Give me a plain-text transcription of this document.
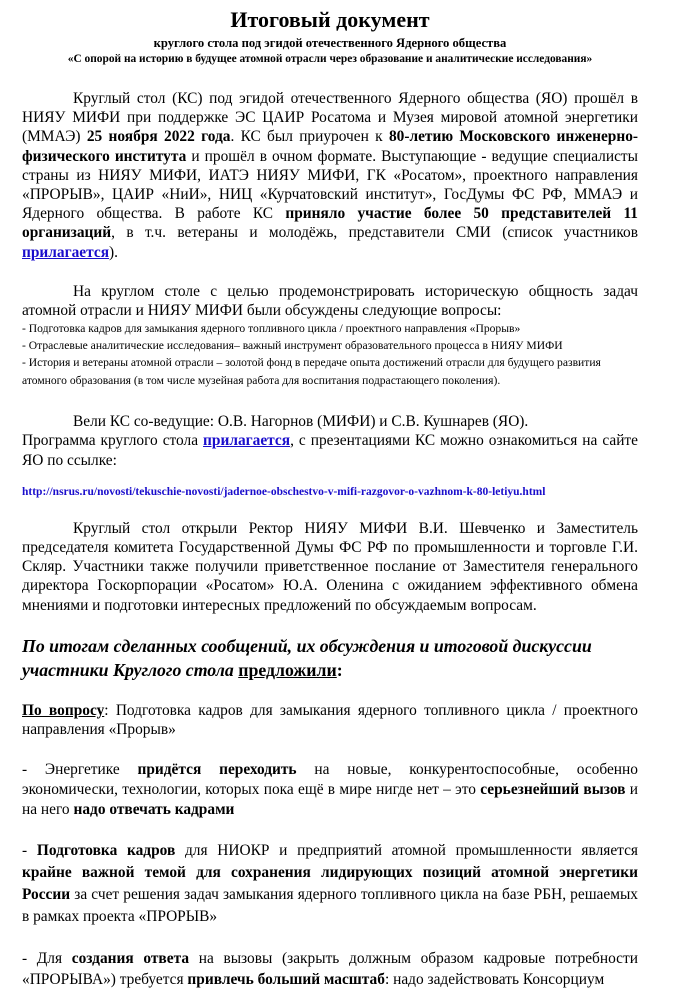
Итоговый документ

круглого стола под эгидой отечественного Ядерного общества

«С опорой на историю в будущее атомной отрасли через образование и аналитические исследования»

Круглый стол (КС) под эгидой отечественного Ядерного общества (ЯО) прошёл в НИЯУ МИФИ при поддержке ЭС ЦАИР Росатома и Музея мировой атомной энергетики (ММАЭ) 25 ноября 2022 года. КС был приурочен к 80-летию Московского инженерно-физического института и прошёл в очном формате. Выступающие - ведущие специалисты страны из НИЯУ МИФИ, ИАТЭ НИЯУ МИФИ, ГК «Росатом», проектного направления «ПРОРЫВ», ЦАИР «НиИ», НИЦ «Курчатовский институт», ГосДумы ФС РФ, ММАЭ и Ядерного общества. В работе КС приняло участие более 50 представителей 11 организаций, в т.ч. ветераны и молодёжь, представители СМИ (список участников прилагается).

На круглом столе с целью продемонстрировать историческую общность задач атомной отрасли и НИЯУ МИФИ были обсуждены следующие вопросы:

- Подготовка кадров для замыкания ядерного топливного цикла / проектного направления «Прорыв»

- Отраслевые аналитические исследования– важный инструмент образовательного процесса в НИЯУ МИФИ

- История и ветераны атомной отрасли – золотой фонд в передаче опыта достижений отрасли для будущего развития атомного образования (в том числе музейная работа для воспитания подрастающего поколения).

Вели КС со-ведущие: О.В. Нагорнов (МИФИ) и С.В. Кушнарев (ЯО).

Программа круглого стола прилагается, с презентациями КС можно ознакомиться на сайте ЯО по ссылке:

http://nsrus.ru/novosti/tekuschie-novosti/jadernoe-obschestvo-v-mifi-razgovor-o-vazhnom-k-80-letiyu.html

Круглый стол открыли Ректор НИЯУ МИФИ В.И. Шевченко и Заместитель председателя комитета Государственной Думы ФС РФ по промышленности и торговле Г.И. Скляр. Участники также получили приветственное послание от Заместителя генерального директора Госкорпорации «Росатом» Ю.А. Оленина с ожиданием эффективного обмена мнениями и подготовки интересных предложений по обсуждаемым вопросам.

По итогам сделанных сообщений, их обсуждения и итоговой дискуссии участники Круглого стола предложили:

По вопросу: Подготовка кадров для замыкания ядерного топливного цикла / проектного направления «Прорыв»

- Энергетике придётся переходить на новые, конкурентоспособные, особенно экономически, технологии, которых пока ещё в мире нигде нет – это серьезнейший вызов и на него надо отвечать кадрами

- Подготовка кадров для НИОКР и предприятий атомной промышленности является крайне важной темой для сохранения лидирующих позиций атомной энергетики России за счет решения задач замыкания ядерного топливного цикла на базе РБН, решаемых в рамках проекта «ПРОРЫВ»

- Для создания ответа на вызовы (закрыть должным образом кадровые потребности «ПРОРЫВА») требуется привлечь больший масштаб: надо задействовать Консорциум
